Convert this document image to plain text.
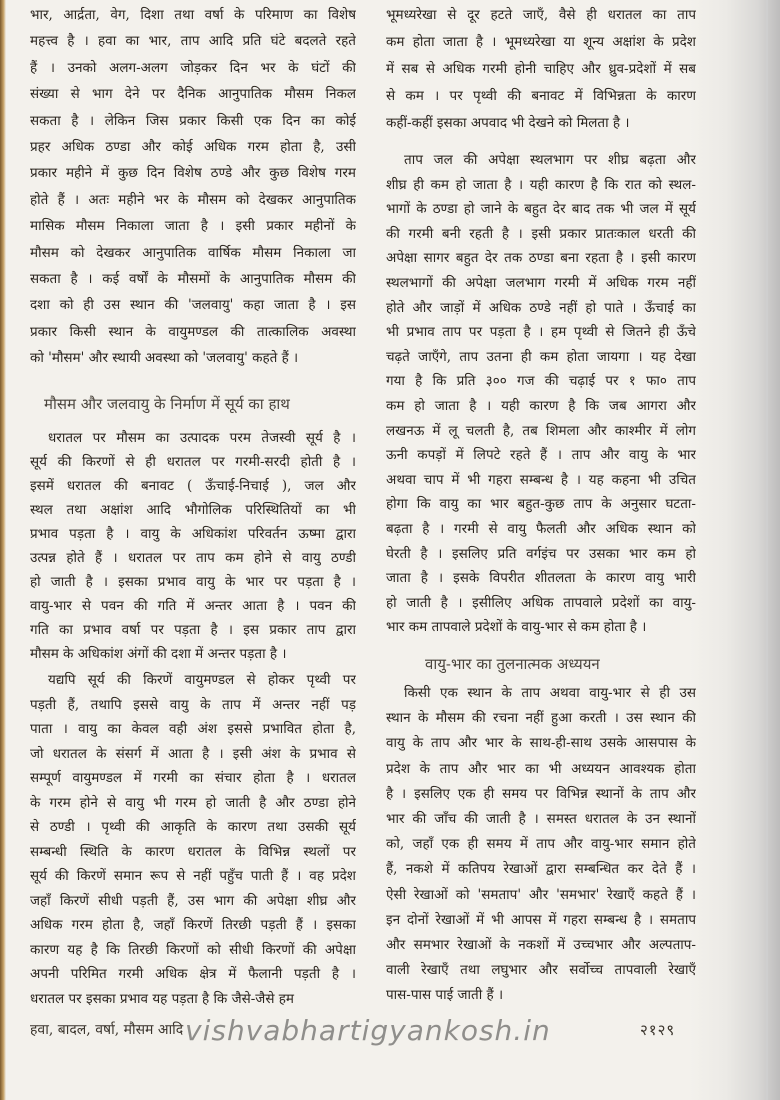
भार, आर्द्रता, वेग, दिशा तथा वर्षा के परिमाण का विशेष
महत्त्व है । हवा का भार, ताप आदि प्रति घंटे बदलते रहते
हैं । उनको अलग-अलग जोड़कर दिन भर के घंटों की
संख्या से भाग देने पर दैनिक आनुपातिक मौसम निकल
सकता है । लेकिन जिस प्रकार किसी एक दिन का कोई
प्रहर अधिक ठण्डा और कोई अधिक गरम होता है, उसी
प्रकार महीने में कुछ दिन विशेष ठण्डे और कुछ विशेष गरम
होते हैं । अतः महीने भर के मौसम को देखकर आनुपातिक
मासिक मौसम निकाला जाता है । इसी प्रकार महीनों के
मौसम को देखकर आनुपातिक वार्षिक मौसम निकाला जा
सकता है । कई वर्षों के मौसमों के आनुपातिक मौसम की
दशा को ही उस स्थान की 'जलवायु' कहा जाता है । इस
प्रकार किसी स्थान के वायुमण्डल की तात्कालिक अवस्था
को 'मौसम' और स्थायी अवस्था को 'जलवायु' कहते हैं ।
मौसम और जलवायु के निर्माण में सूर्य का हाथ
धरातल पर मौसम का उत्पादक परम तेजस्वी सूर्य है ।
सूर्य की किरणों से ही धरातल पर गरमी-सरदी होती है ।
इसमें धरातल की बनावट ( ऊँचाई-निचाई ), जल और
स्थल तथा अक्षांश आदि भौगोलिक परिस्थितियों का भी
प्रभाव पड़ता है । वायु के अधिकांश परिवर्तन ऊष्मा द्वारा
उत्पन्न होते हैं । धरातल पर ताप कम होने से वायु ठण्डी
हो जाती है । इसका प्रभाव वायु के भार पर पड़ता है ।
वायु-भार से पवन की गति में अन्तर आता है । पवन की
गति का प्रभाव वर्षा पर पड़ता है । इस प्रकार ताप द्वारा
मौसम के अधिकांश अंगों की दशा में अन्तर पड़ता है ।
यद्यपि सूर्य की किरणें वायुमण्डल से होकर पृथ्वी पर
पड़ती हैं, तथापि इससे वायु के ताप में अन्तर नहीं पड़
पाता । वायु का केवल वही अंश इससे प्रभावित होता है,
जो धरातल के संसर्ग में आता है । इसी अंश के प्रभाव से
सम्पूर्ण वायुमण्डल में गरमी का संचार होता है । धरातल
के गरम होने से वायु भी गरम हो जाती है और ठण्डा होने
से ठण्डी । पृथ्वी की आकृति के कारण तथा उसकी सूर्य
सम्बन्धी स्थिति के कारण धरातल के विभिन्न स्थलों पर
सूर्य की किरणें समान रूप से नहीं पहुँच पाती हैं । वह प्रदेश
जहाँ किरणें सीधी पड़ती हैं, उस भाग की अपेक्षा शीघ्र और
अधिक गरम होता है, जहाँ किरणें तिरछी पड़ती हैं । इसका
कारण यह है कि तिरछी किरणों को सीधी किरणों की अपेक्षा
अपनी परिमित गरमी अधिक क्षेत्र में फैलानी पड़ती है ।
धरातल पर इसका प्रभाव यह पड़ता है कि जैसे-जैसे हम
भूमध्यरेखा से दूर हटते जाएँ, वैसे ही धरातल का ताप
कम होता जाता है । भूमध्यरेखा या शून्य अक्षांश के प्रदेश
में सब से अधिक गरमी होनी चाहिए और ध्रुव-प्रदेशों में सब
से कम । पर पृथ्वी की बनावट में विभिन्नता के कारण
कहीं-कहीं इसका अपवाद भी देखने को मिलता है ।
ताप जल की अपेक्षा स्थलभाग पर शीघ्र बढ़ता और
शीघ्र ही कम हो जाता है । यही कारण है कि रात को स्थल-
भागों के ठण्डा हो जाने के बहुत देर बाद तक भी जल में सूर्य
की गरमी बनी रहती है । इसी प्रकार प्रातःकाल धरती की
अपेक्षा सागर बहुत देर तक ठण्डा बना रहता है । इसी कारण
स्थलभागों की अपेक्षा जलभाग गरमी में अधिक गरम नहीं
होते और जाड़ों में अधिक ठण्डे नहीं हो पाते । ऊँचाई का
भी प्रभाव ताप पर पड़ता है । हम पृथ्वी से जितने ही ऊँचे
चढ़ते जाएँगे, ताप उतना ही कम होता जायगा । यह देखा
गया है कि प्रति ३०० गज की चढ़ाई पर १ फा० ताप
कम हो जाता है । यही कारण है कि जब आगरा और
लखनऊ में लू चलती है, तब शिमला और काश्मीर में लोग
ऊनी कपड़ों में लिपटे रहते हैं । ताप और वायु के भार
अथवा चाप में भी गहरा सम्बन्ध है । यह कहना भी उचित
होगा कि वायु का भार बहुत-कुछ ताप के अनुसार घटता-
बढ़ता है । गरमी से वायु फैलती और अधिक स्थान को
घेरती है । इसलिए प्रति वर्गइंच पर उसका भार कम हो
जाता है । इसके विपरीत शीतलता के कारण वायु भारी
हो जाती है । इसीलिए अधिक तापवाले प्रदेशों का वायु-
भार कम तापवाले प्रदेशों के वायु-भार से कम होता है ।
वायु-भार का तुलनात्मक अध्ययन
किसी एक स्थान के ताप अथवा वायु-भार से ही उस
स्थान के मौसम की रचना नहीं हुआ करती । उस स्थान की
वायु के ताप और भार के साथ-ही-साथ उसके आसपास के
प्रदेश के ताप और भार का भी अध्ययन आवश्यक होता
है । इसलिए एक ही समय पर विभिन्न स्थानों के ताप और
भार की जाँच की जाती है । समस्त धरातल के उन स्थानों
को, जहाँ एक ही समय में ताप और वायु-भार समान होते
हैं, नकशे में कतिपय रेखाओं द्वारा सम्बन्धित कर देते हैं ।
ऐसी रेखाओं को 'समताप' और 'समभार' रेखाएँ कहते हैं ।
इन दोनों रेखाओं में भी आपस में गहरा सम्बन्ध है । समताप
और समभार रेखाओं के नकशों में उच्चभार और अल्पताप-
वाली रेखाएँ तथा लघुभार और सर्वोच्च तापवाली रेखाएँ
पास-पास पाई जाती हैं ।
हवा, बादल, वर्षा, मौसम आदि vishvabhartigyankosh.in	२१२९
